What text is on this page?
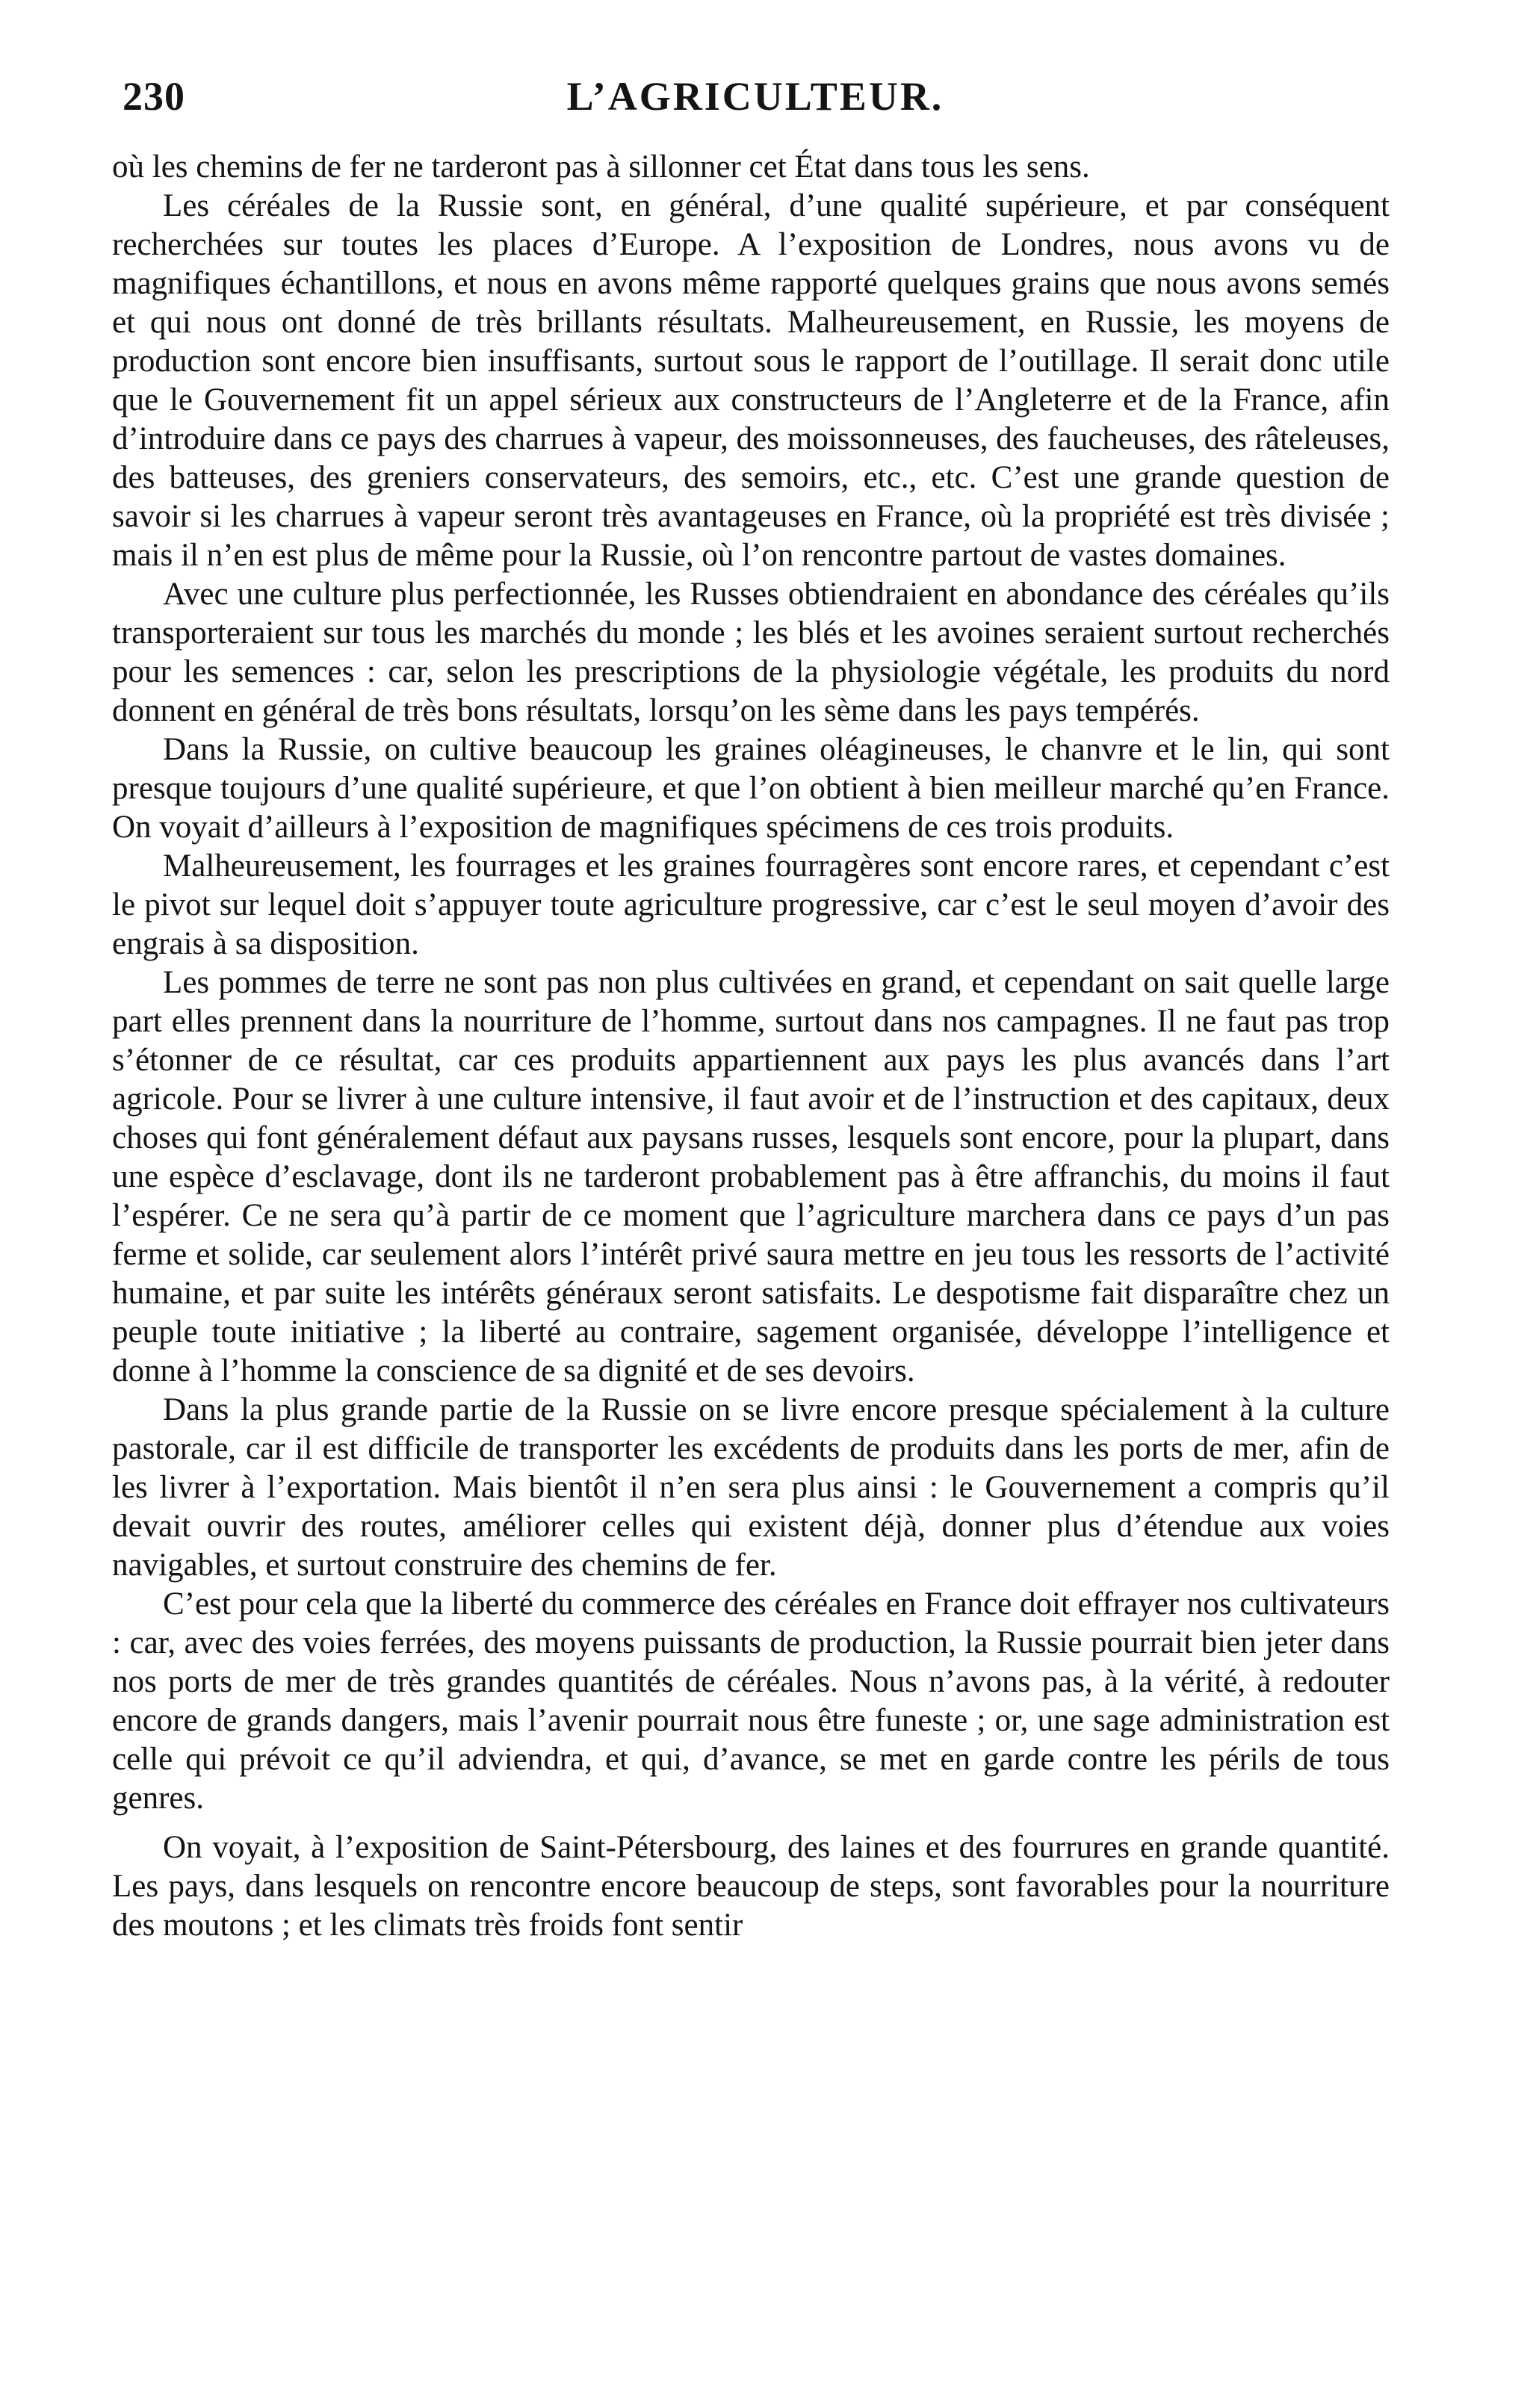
230	L’AGRICULTEUR.

où les chemins de fer ne tarderont pas à sillonner cet État dans tous les sens.

Les céréales de la Russie sont, en général, d’une qualité supérieure, et par conséquent recherchées sur toutes les places d’Europe. A l’exposition de Londres, nous avons vu de magnifiques échantillons, et nous en avons même rapporté quelques grains que nous avons semés et qui nous ont donné de très brillants résultats. Malheureusement, en Russie, les moyens de production sont encore bien insuffisants, surtout sous le rapport de l’outillage. Il serait donc utile que le Gouvernement fit un appel sérieux aux constructeurs de l’Angleterre et de la France, afin d’introduire dans ce pays des charrues à vapeur, des moissonneuses, des faucheuses, des râteleuses, des batteuses, des greniers conservateurs, des semoirs, etc., etc. C’est une grande question de savoir si les charrues à vapeur seront très avantageuses en France, où la propriété est très divisée ; mais il n’en est plus de même pour la Russie, où l’on rencontre partout de vastes domaines.

Avec une culture plus perfectionnée, les Russes obtiendraient en abondance des céréales qu’ils transporteraient sur tous les marchés du monde ; les blés et les avoines seraient surtout recherchés pour les semences : car, selon les prescriptions de la physiologie végétale, les produits du nord donnent en général de très bons résultats, lorsqu’on les sème dans les pays tempérés.

Dans la Russie, on cultive beaucoup les graines oléagineuses, le chanvre et le lin, qui sont presque toujours d’une qualité supérieure, et que l’on obtient à bien meilleur marché qu’en France. On voyait d’ailleurs à l’exposition de magnifiques spécimens de ces trois produits.

Malheureusement, les fourrages et les graines fourragères sont encore rares, et cependant c’est le pivot sur lequel doit s’appuyer toute agriculture progressive, car c’est le seul moyen d’avoir des engrais à sa disposition.

Les pommes de terre ne sont pas non plus cultivées en grand, et cependant on sait quelle large part elles prennent dans la nourriture de l’homme, surtout dans nos campagnes. Il ne faut pas trop s’étonner de ce résultat, car ces produits appartiennent aux pays les plus avancés dans l’art agricole. Pour se livrer à une culture intensive, il faut avoir et de l’instruction et des capitaux, deux choses qui font généralement défaut aux paysans russes, lesquels sont encore, pour la plupart, dans une espèce d’esclavage, dont ils ne tarderont probablement pas à être affranchis, du moins il faut l’espérer. Ce ne sera qu’à partir de ce moment que l’agriculture marchera dans ce pays d’un pas ferme et solide, car seulement alors l’intérêt privé saura mettre en jeu tous les ressorts de l’activité humaine, et par suite les intérêts généraux seront satisfaits. Le despotisme fait disparaître chez un peuple toute initiative ; la liberté au contraire, sagement organisée, développe l’intelligence et donne à l’homme la conscience de sa dignité et de ses devoirs.

Dans la plus grande partie de la Russie on se livre encore presque spécialement à la culture pastorale, car il est difficile de transporter les excédents de produits dans les ports de mer, afin de les livrer à l’exportation. Mais bientôt il n’en sera plus ainsi : le Gouvernement a compris qu’il devait ouvrir des routes, améliorer celles qui existent déjà, donner plus d’étendue aux voies navigables, et surtout construire des chemins de fer.

C’est pour cela que la liberté du commerce des céréales en France doit effrayer nos cultivateurs : car, avec des voies ferrées, des moyens puissants de production, la Russie pourrait bien jeter dans nos ports de mer de très grandes quantités de céréales. Nous n’avons pas, à la vérité, à redouter encore de grands dangers, mais l’avenir pourrait nous être funeste ; or, une sage administration est celle qui prévoit ce qu’il adviendra, et qui, d’avance, se met en garde contre les périls de tous genres.

On voyait, à l’exposition de Saint-Pétersbourg, des laines et des fourrures en grande quantité. Les pays, dans lesquels on rencontre encore beaucoup de steps, sont favorables pour la nourriture des moutons ; et les climats très froids font sentir
